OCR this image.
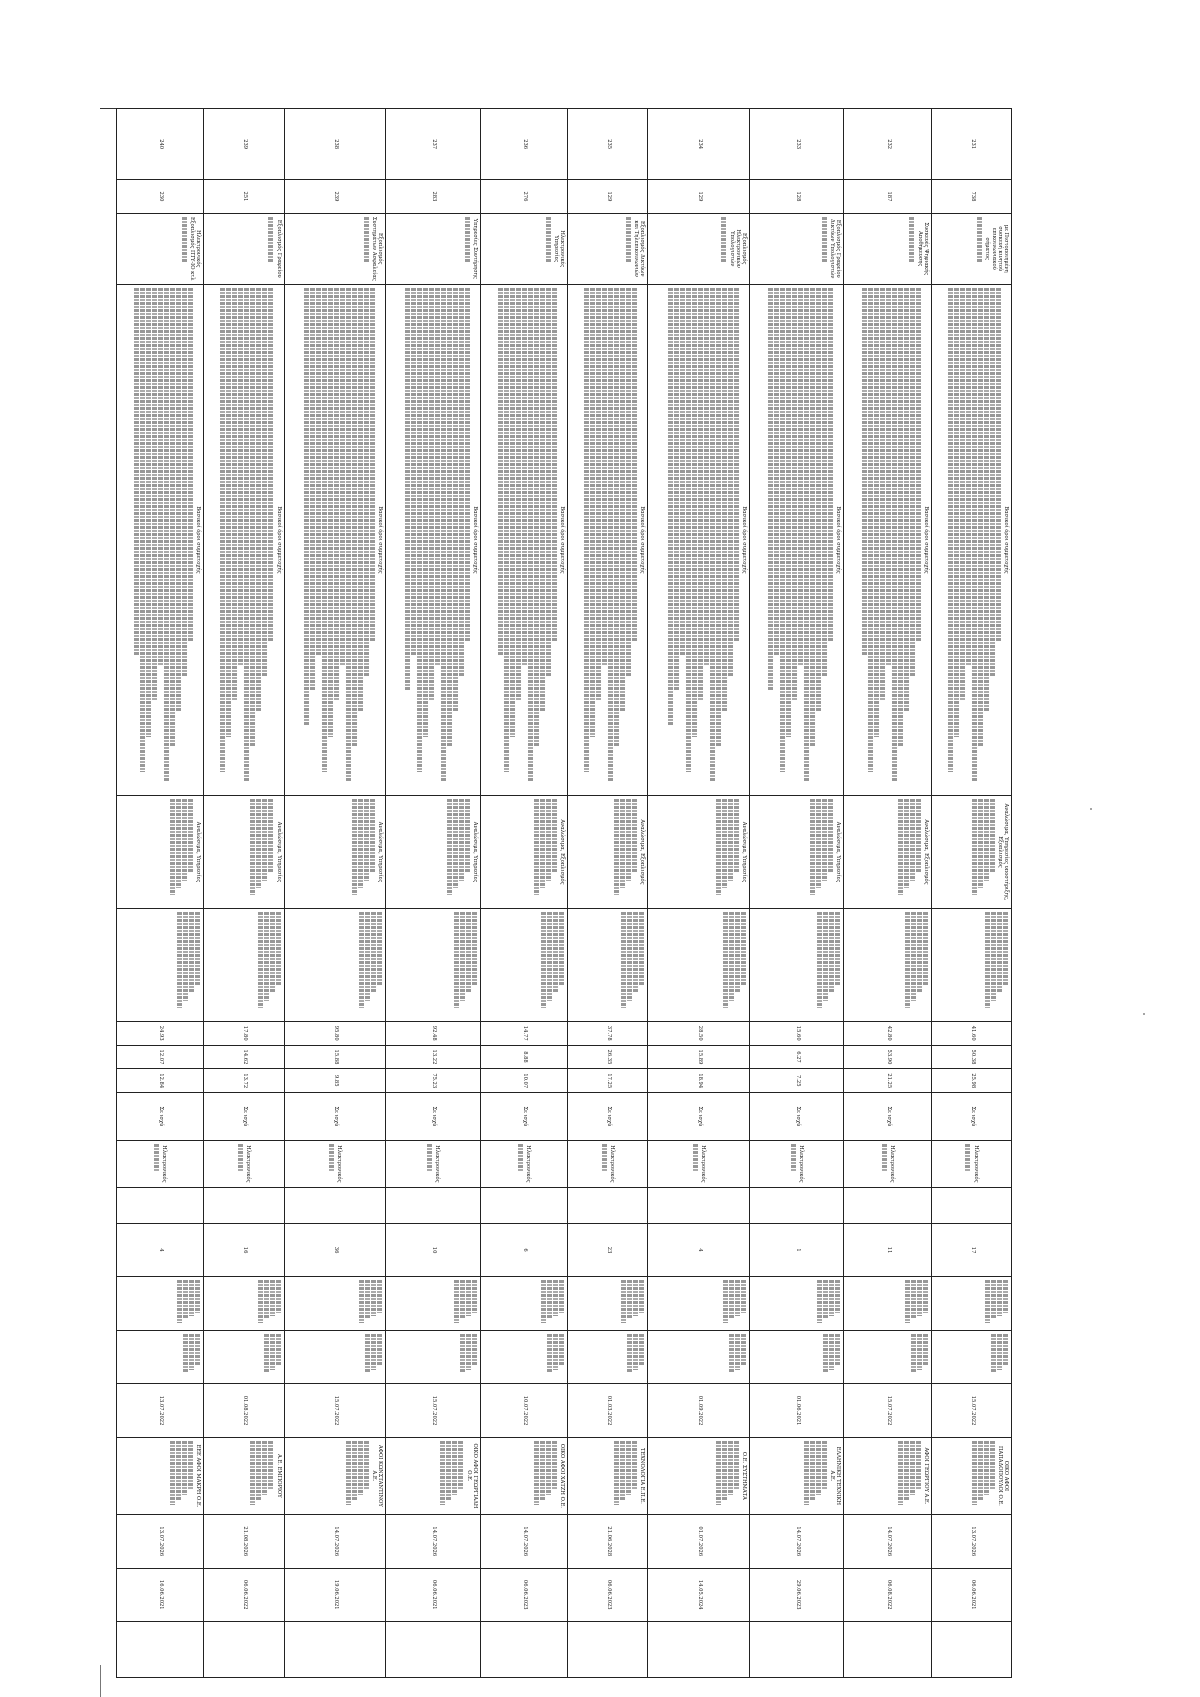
231	738	με Πιστοποιημένη συσκευή κινητού επικοινωνιακού σήματος	Βασικοί όροι συμμετοχής	Αναλώσιμα, Υπηρεσίες υποστήριξης, Εξοπλισμός		41.60	50.38	25.98	Σε ισχύ	Ηλεκτρονικός		17			15.07.2022	ΟΙΚΟ ΑΦΟΙ ΠΑΠΑΔΟΠΟΥΛΟΙ Ο.Ε.	13.07.2026	06.06.2021	

232	187	Συσκευές Ψηφιακής Αποθήκευσης	Βασικοί όροι συμμετοχής	Αναλώσιμα, Εξοπλισμός		42.80	53.90	21.25	Σε ισχύ	Ηλεκτρονικός		11			15.07.2022	ΑΦΟΙ ΓΕΩΡΓΙΟΥ Α.Ε.	14.07.2026	06.08.2022	

233	128	Εξοπλισμός Γραφείου Δικτύων Υπολογιστών	Βασικοί όροι συμμετοχής	Αναλώσιμα, Υπηρεσίες		15.60	6.27	7.25	Σε ισχύ	Ηλεκτρονικός		1			01.06.2021	ΕΛΛΗΝΙΚΗ ΤΕΧΝΙΚΗ Α.Ε.	14.07.2026	29.06.2023	

234	129	Εξοπλισμός Ηλεκτρονικών Υπολογιστών	Βασικοί όροι συμμετοχής	Αναλώσιμα, Υπηρεσίες		28.50	15.89	18.94	Σε ισχύ	Ηλεκτρονικός		4			01.09.2022	Ο.Ε. ΣΥΣΤΗΜΑΤΑ	01.07.2026	14.05.2024	

235	129	Εξοπλισμός Δικτύων και Τηλεπικοινωνιών	Βασικοί όροι συμμετοχής	Αναλώσιμα, Εξοπλισμός		37.78	26.35	17.25	Σε ισχύ	Ηλεκτρονικός		23			01.03.2022	ΤΕΧΝΟΛΟΓΙΑ Ε.Π.Ε.	21.06.2028	06.06.2023	

236	276	Ηλεκτρονικές Υπηρεσίες	Βασικοί όροι συμμετοχής	Αναλώσιμα, Εξοπλισμός		14.77	8.88	10.07	Σε ισχύ	Ηλεκτρονικός		6			10.07.2022	ΟΙΚΟ ΑΦΟΙ ΧΑΤΖΗ Ο.Ε.	14.07.2026	06.06.2023	

237	283	Υπηρεσίες Συντήρησης	Βασικοί όροι συμμετοχής	Αναλώσιμα, Υπηρεσίες		92.48	13.22	75.23	Σε ισχύ	Ηλεκτρονικός		10			15.07.2022	ΟΙΚΟ ΑΦΟΙ ΓΕΩΡΓΙΑΔΗ Ο.Ε.	14.07.2026	06.06.2021	

238	239	Εξοπλισμός Συστημάτων Ασφαλείας	Βασικοί όροι συμμετοχής	Αναλώσιμα, Υπηρεσίες		95.80	15.88	9.85	Σε ισχύ	Ηλεκτρονικός		36			15.07.2022	ΑΦΟΙ ΚΩΝΣΤΑΝΤΙΝΟΥ Α.Ε.	14.07.2026	19.06.2021	

239	251	Εξοπλισμός Γραφείου	Βασικοί όροι συμμετοχής	Αναλώσιμα, Υπηρεσίες		17.80	14.62	13.72	Σε ισχύ	Ηλεκτρονικός		16			01.08.2022	Α.Ε. ΕΜΠΟΡΙΟΥ	21.08.2026	06.06.2022	

240	230	Ηλεκτρονικός Εξοπλισμός ΠΤΥ-ΙΟ κτλ	Βασικοί όροι συμμετοχής	Αναλώσιμα, Υπηρεσίες		24.93	12.07	12.84	Σε ισχύ	Ηλεκτρονικός		4			13.07.2022	ΕΕΕ ΑΦΟΙ ΜΑΚΡΗ Ο.Ε.	13.07.2026	16.06.2021	
